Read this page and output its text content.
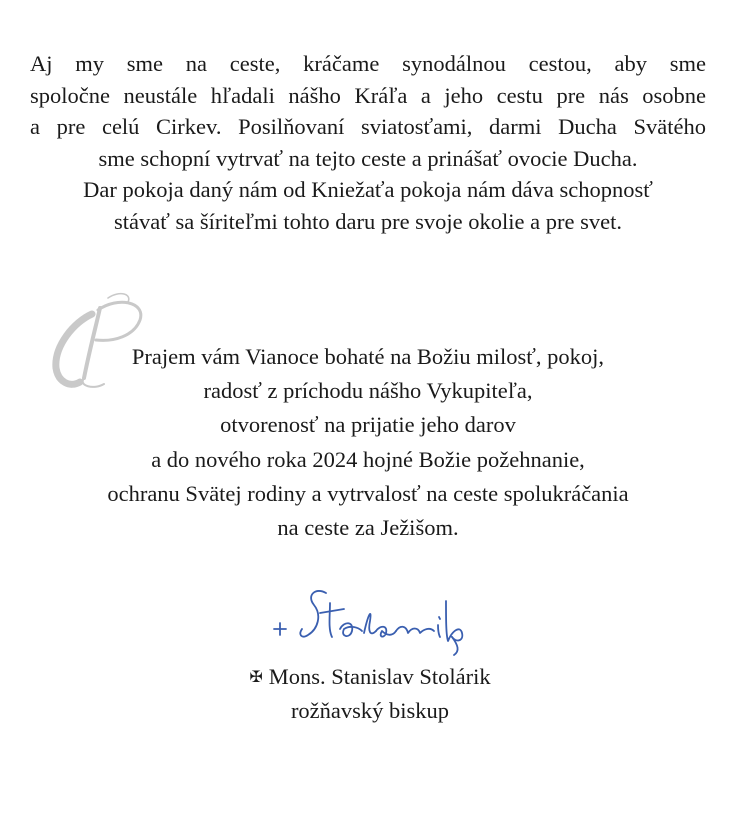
Aj my sme na ceste, kráčame synodálnou cestou, aby sme
spoločne neustále hľadali nášho Kráľa a jeho cestu pre nás osobne
a pre celú Cirkev. Posilňovaní sviatosťami, darmi Ducha Svätého
sme schopní vytrvať na tejto ceste a prinášať ovocie Ducha.
Dar pokoja daný nám od Kniežaťa pokoja nám dáva schopnosť
stávať sa šíriteľmi tohto daru pre svoje okolie a pre svet.
Prajem vám Vianoce bohaté na Božiu milosť, pokoj,
radosť z príchodu nášho Vykupiteľa,
otvorenosť na prijatie jeho darov
a do nového roka 2024 hojné Božie požehnanie,
ochranu Svätej rodiny a vytrvalosť na ceste spolukráčania
na ceste za Ježišom.
✠ Mons. Stanislav Stolárik
rožňavský biskup
